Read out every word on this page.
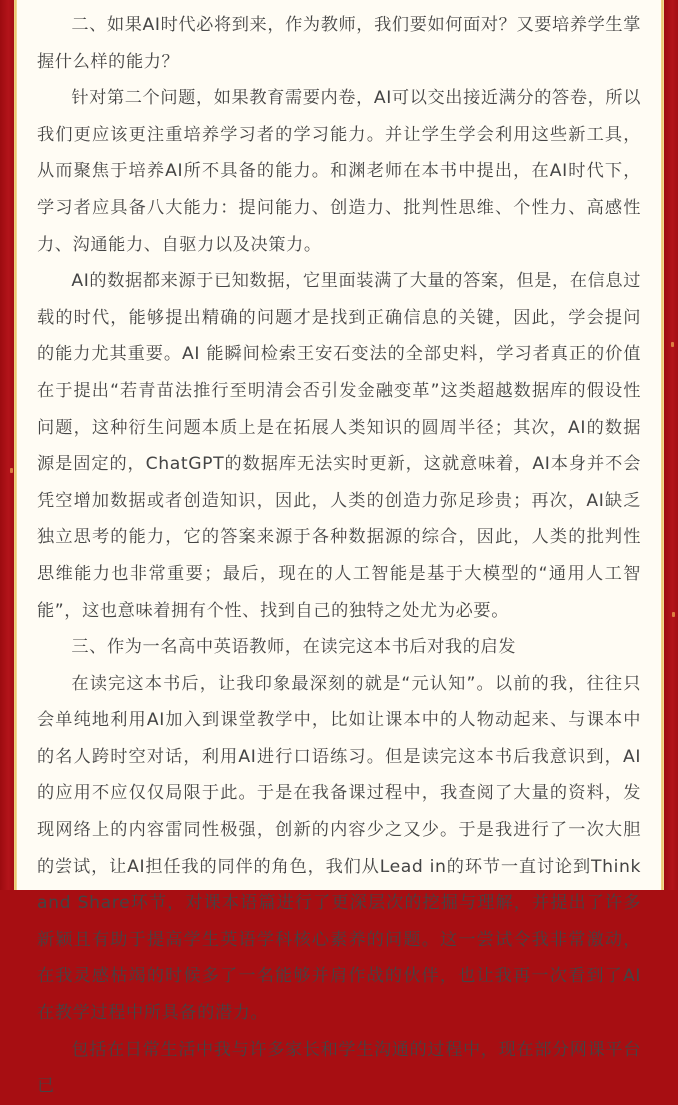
二、如果AI时代必将到来，作为教师，我们要如何面对？又要培养学生掌握什么样的能力？

针对第二个问题，如果教育需要内卷，AI可以交出接近满分的答卷，所以我们更应该更注重培养学习者的学习能力。并让学生学会利用这些新工具，从而聚焦于培养AI所不具备的能力。和渊老师在本书中提出，在AI时代下，学习者应具备八大能力：提问能力、创造力、批判性思维、个性力、高感性力、沟通能力、自驱力以及决策力。

AI的数据都来源于已知数据，它里面装满了大量的答案，但是，在信息过载的时代，能够提出精确的问题才是找到正确信息的关键，因此，学会提问的能力尤其重要。AI 能瞬间检索王安石变法的全部史料，学习者真正的价值在于提出“若青苗法推行至明清会否引发金融变革”这类超越数据库的假设性问题，这种衍生问题本质上是在拓展人类知识的圆周半径；其次，AI的数据源是固定的，ChatGPT的数据库无法实时更新，这就意味着，AI本身并不会凭空增加数据或者创造知识，因此，人类的创造力弥足珍贵；再次，AI缺乏独立思考的能力，它的答案来源于各种数据源的综合，因此，人类的批判性思维能力也非常重要；最后，现在的人工智能是基于大模型的“通用人工智能”，这也意味着拥有个性、找到自己的独特之处尤为必要。

三、作为一名高中英语教师，在读完这本书后对我的启发

在读完这本书后，让我印象最深刻的就是“元认知”。以前的我，往往只会单纯地利用AI加入到课堂教学中，比如让课本中的人物动起来、与课本中的名人跨时空对话，利用AI进行口语练习。但是读完这本书后我意识到，AI的应用不应仅仅局限于此。于是在我备课过程中，我查阅了大量的资料，发现网络上的内容雷同性极强，创新的内容少之又少。于是我进行了一次大胆的尝试，让AI担任我的同伴的角色，我们从Lead in的环节一直讨论到Think and Share环节，对课本语篇进行了更深层次的挖掘与理解，并提出了许多新颖且有助于提高学生英语学科核心素养的问题。这一尝试令我非常激动，在我灵感枯竭的时候多了一名能够并肩作战的伙伴，也让我再一次看到了AI在教学过程中所具备的潜力。

包括在日常生活中我与许多家长和学生沟通的过程中，现在部分网课平台已
